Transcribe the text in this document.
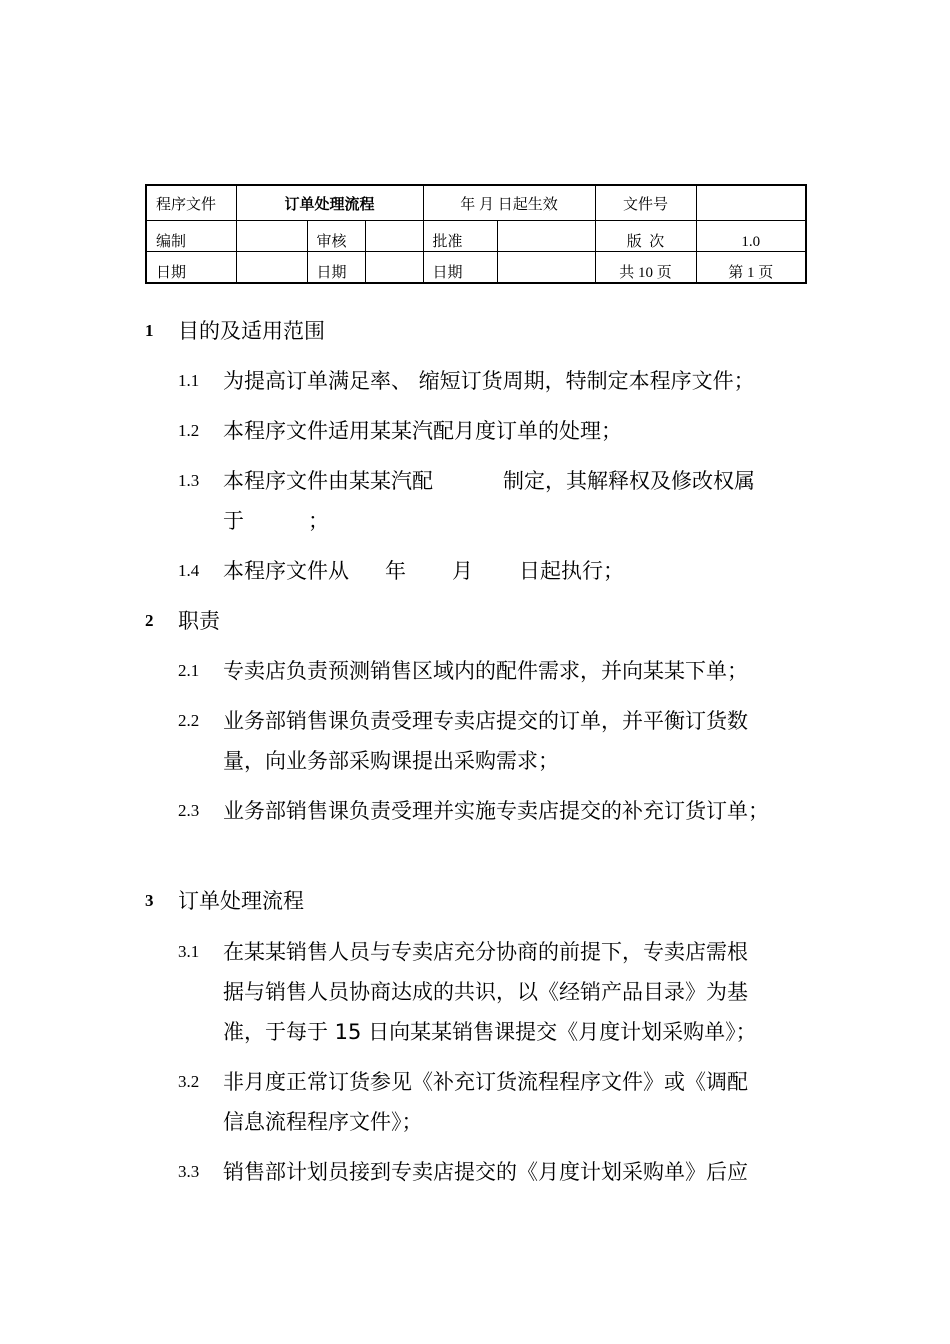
程序文件	订单处理流程			年 月 日起生效		文件号	
编制		审核		批准		版  次	1.0
日期		日期		日期		共 10 页	第 1 页
1 目的及适用范围
1.1 为提高订单满足率、 缩短订货周期，特制定本程序文件；
1.2 本程序文件适用某某汽配月度订单的处理；
1.3 本程序文件由某某汽配	制定，其解释权及修改权属
于	；
1.4 本程序文件从 年 月 日起执行；
2 职责
2.1 专卖店负责预测销售区域内的配件需求，并向某某下单；
2.2 业务部销售课负责受理专卖店提交的订单，并平衡订货数
量，向业务部采购课提出采购需求；
2.3 业务部销售课负责受理并实施专卖店提交的补充订货订单；
3 订单处理流程
3.1 在某某销售人员与专卖店充分协商的前提下，专卖店需根
据与销售人员协商达成的共识，以《经销产品目录》为基
准，于每于 15 日向某某销售课提交《月度计划采购单》；
3.2 非月度正常订货参见《补充订货流程程序文件》或《调配
信息流程程序文件》；
3.3 销售部计划员接到专卖店提交的《月度计划采购单》后应
